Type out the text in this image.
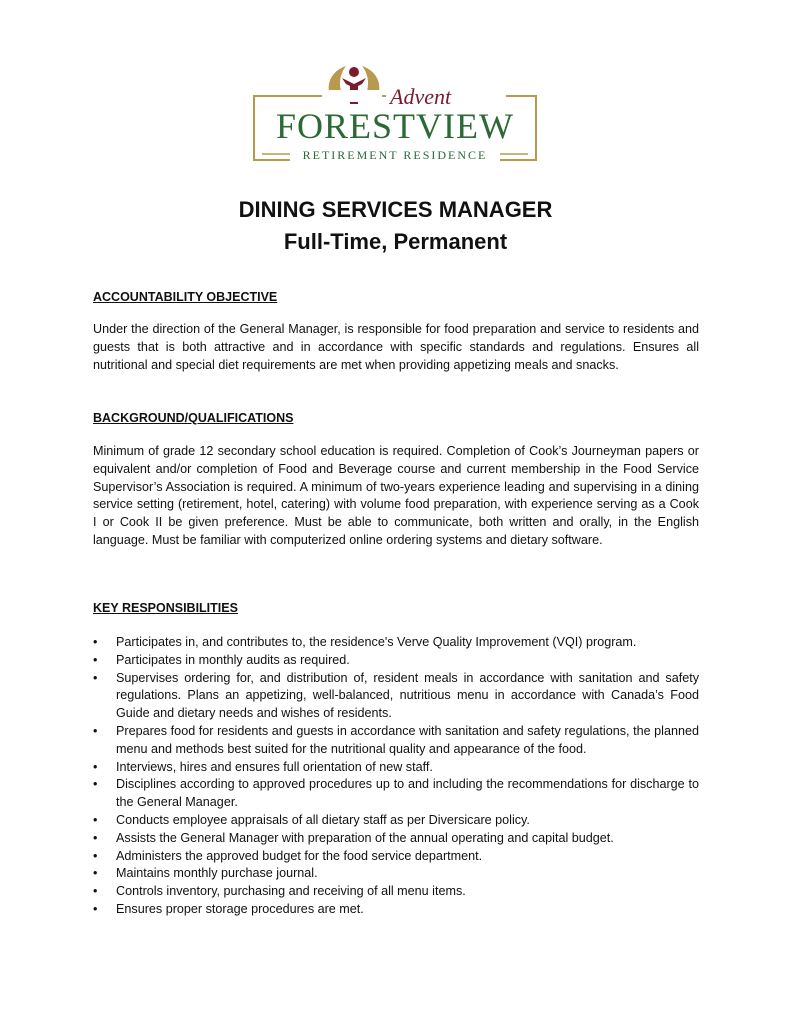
Advent
FORESTVIEW
RETIREMENT RESIDENCE
DINING SERVICES MANAGER
Full-Time, Permanent
ACCOUNTABILITY OBJECTIVE

Under the direction of the General Manager, is responsible for food preparation and service to residents and guests that is both attractive and in accordance with specific standards and regulations. Ensures all nutritional and special diet requirements are met when providing appetizing meals and snacks.

BACKGROUND/QUALIFICATIONS

Minimum of grade 12 secondary school education is required. Completion of Cook’s Journeyman papers or equivalent and/or completion of Food and Beverage course and current membership in the Food Service Supervisor’s Association is required. A minimum of two-years experience leading and supervising in a dining service setting (retirement, hotel, catering) with volume food preparation, with experience serving as a Cook I or Cook II be given preference. Must be able to communicate, both written and orally, in the English language. Must be familiar with computerized online ordering systems and dietary software.

KEY RESPONSIBILITIES
• Participates in, and contributes to, the residence's Verve Quality Improvement (VQI) program.
• Participates in monthly audits as required.
• Supervises ordering for, and distribution of, resident meals in accordance with sanitation and safety regulations. Plans an appetizing, well-balanced, nutritious menu in accordance with Canada’s Food Guide and dietary needs and wishes of residents.
• Prepares food for residents and guests in accordance with sanitation and safety regulations, the planned menu and methods best suited for the nutritional quality and appearance of the food.
• Interviews, hires and ensures full orientation of new staff.
• Disciplines according to approved procedures up to and including the recommendations for discharge to the General Manager.
• Conducts employee appraisals of all dietary staff as per Diversicare policy.
• Assists the General Manager with preparation of the annual operating and capital budget.
• Administers the approved budget for the food service department.
• Maintains monthly purchase journal.
• Controls inventory, purchasing and receiving of all menu items.
• Ensures proper storage procedures are met.
